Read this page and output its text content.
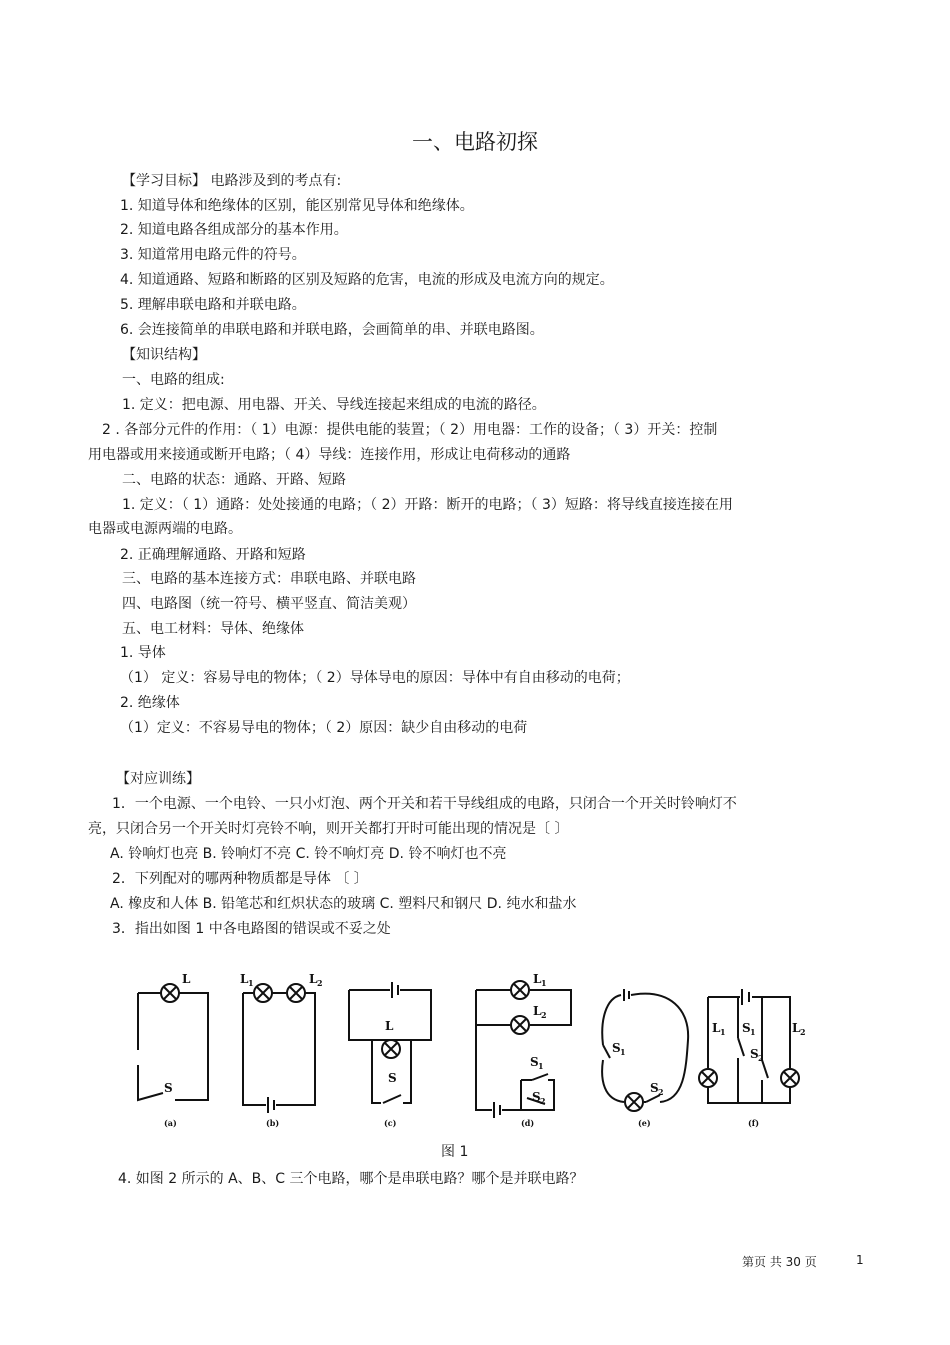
一、电路初探
【学习目标】 电路涉及到的考点有:
1. 知道导体和绝缘体的区别，能区别常见导体和绝缘体。
2. 知道电路各组成部分的基本作用。
3. 知道常用电路元件的符号。
4. 知道通路、短路和断路的区别及短路的危害，电流的形成及电流方向的规定。
5. 理解串联电路和并联电路。
6. 会连接简单的串联电路和并联电路，会画简单的串、并联电路图。
【知识结构】
一、电路的组成:
1. 定义：把电源、用电器、开关、导线连接起来组成的电流的路径。
2 . 各部分元件的作用：（ 1）电源：提供电能的装置；（ 2）用电器：工作的设备；（ 3）开关：控制
用电器或用来接通或断开电路；（ 4）导线：连接作用，形成让电荷移动的通路
二、电路的状态：通路、开路、短路
1. 定义：（ 1）通路：处处接通的电路；（ 2）开路：断开的电路；（ 3）短路：将导线直接连接在用
电器或电源两端的电路。
2. 正确理解通路、开路和短路
三、电路的基本连接方式：串联电路、并联电路
四、电路图（统一符号、横平竖直、简洁美观）
五、电工材料：导体、绝缘体
1. 导体
（1） 定义：容易导电的物体；（ 2）导体导电的原因：导体中有自由移动的电荷；
2. 绝缘体
（1）定义：不容易导电的物体；（ 2）原因：缺少自由移动的电荷
【对应训练】
1．一个电源、一个电铃、一只小灯泡、两个开关和若干导线组成的电路，只闭合一个开关时铃响灯不
亮，只闭合另一个开关时灯亮铃不响，则开关都打开时可能出现的情况是〔 〕
A. 铃响灯也亮 B. 铃响灯不亮 C. 铃不响灯亮 D. 铃不响灯也不亮
2．下列配对的哪两种物质都是导体 〔 〕
A. 橡皮和人体 B. 铅笔芯和红炽状态的玻璃 C. 塑料尺和钢尺 D. 纯水和盐水
3．指出如图 1 中各电路图的错误或不妥之处
4. 如图 2 所示的 A、B、C 三个电路，哪个是串联电路？哪个是并联电路？
L
S
(a)
L 1	L 2
(b)
L
S
(c)
L 1
L 2
S 1
S 2
(d)
S 1
S 2
(e)
L 1 S 1
S 2
L 2
(f)
图 1
第页 共 30 页	1
